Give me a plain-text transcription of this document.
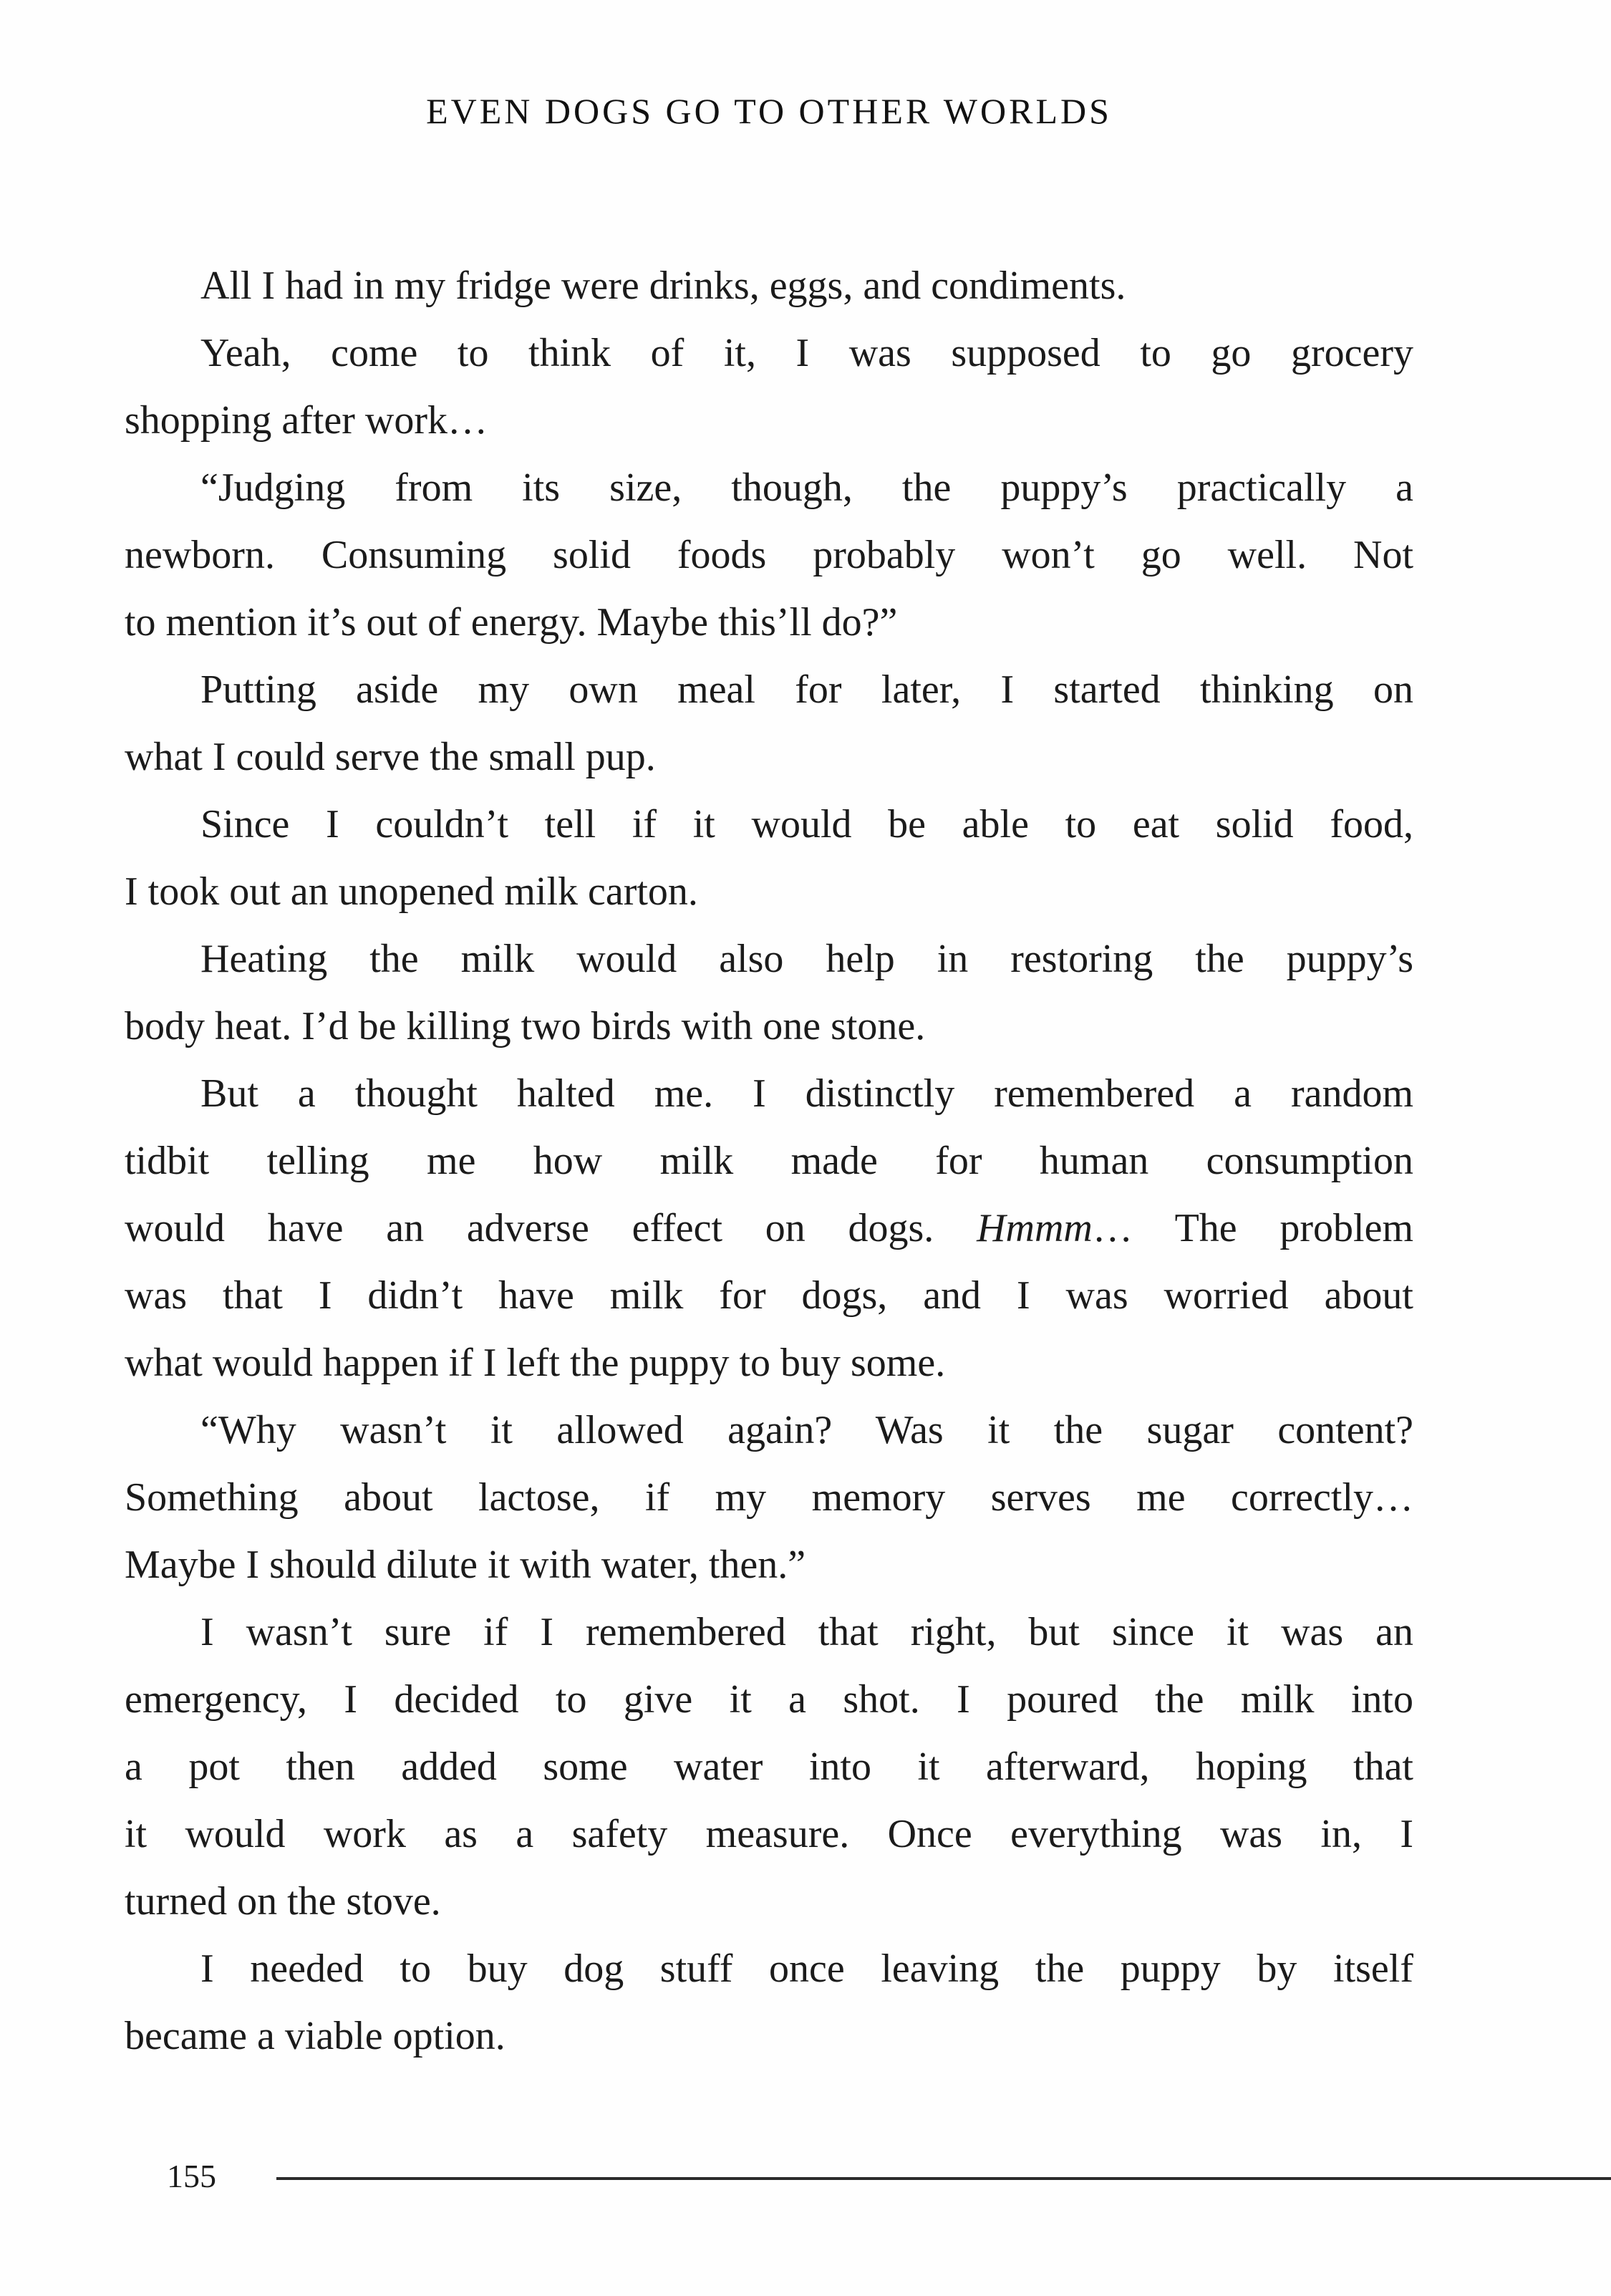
EVEN DOGS GO TO OTHER WORLDS

All I had in my fridge were drinks, eggs, and condiments.

Yeah, come to think of it, I was supposed to go grocery
shopping after work…

“Judging from its size, though, the puppy’s practically a
newborn. Consuming solid foods probably won’t go well. Not
to mention it’s out of energy. Maybe this’ll do?”

Putting aside my own meal for later, I started thinking on
what I could serve the small pup.

Since I couldn’t tell if it would be able to eat solid food,
I took out an unopened milk carton.

Heating the milk would also help in restoring the puppy’s
body heat. I’d be killing two birds with one stone.

But a thought halted me. I distinctly remembered a random
tidbit telling me how milk made for human consumption
would have an adverse effect on dogs. Hmmm… The problem
was that I didn’t have milk for dogs, and I was worried about
what would happen if I left the puppy to buy some.

“Why wasn’t it allowed again? Was it the sugar content?
Something about lactose, if my memory serves me correctly…
Maybe I should dilute it with water, then.”

I wasn’t sure if I remembered that right, but since it was an
emergency, I decided to give it a shot. I poured the milk into
a pot then added some water into it afterward, hoping that
it would work as a safety measure. Once everything was in, I
turned on the stove.

I needed to buy dog stuff once leaving the puppy by itself
became a viable option.

155
